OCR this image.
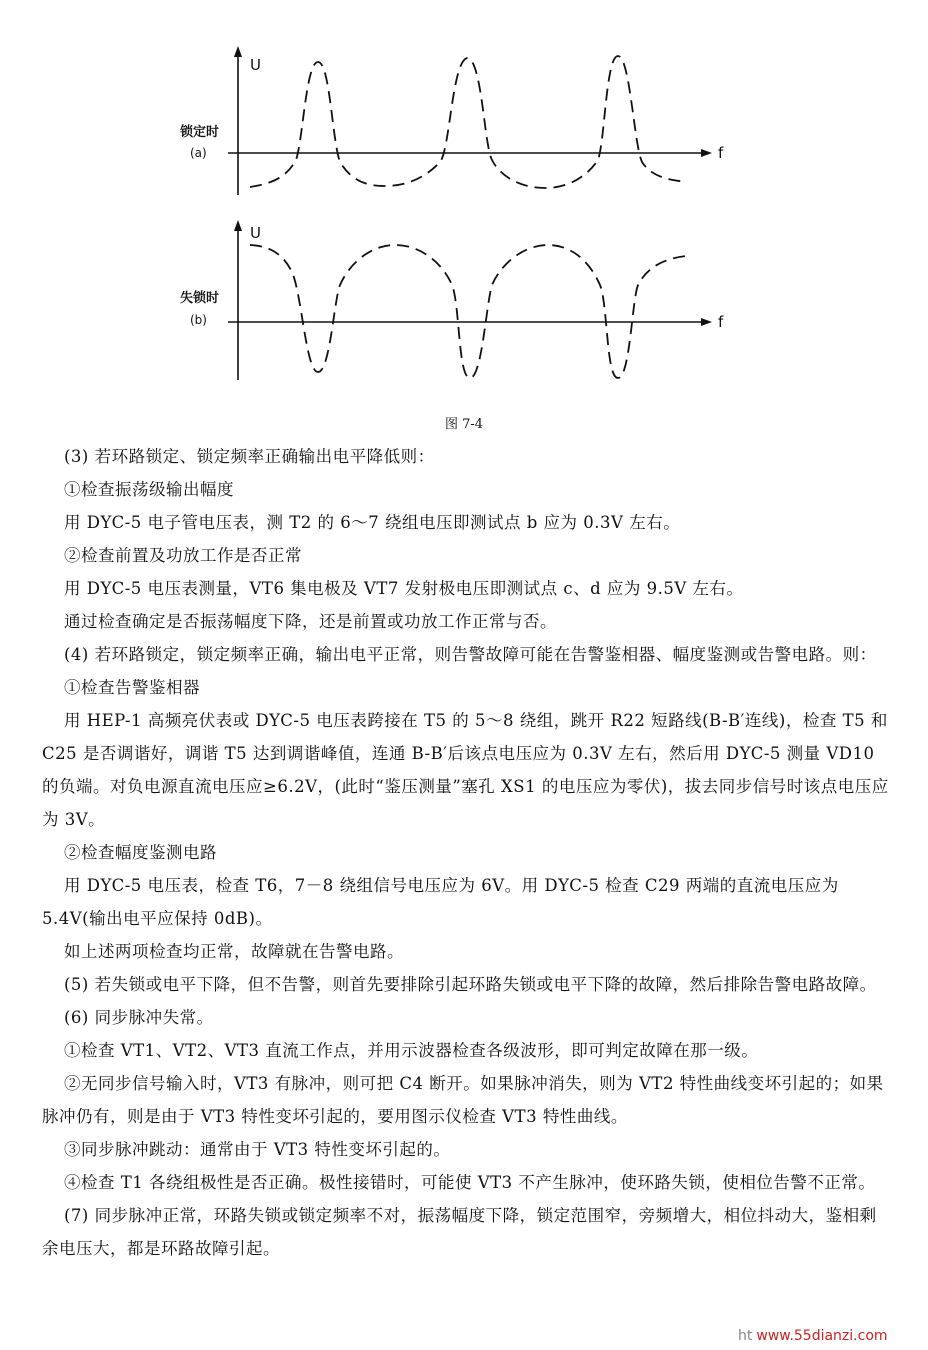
U
f
锁定时
(a)
U
f
失锁时
(b)
图 7-4

(3) 若环路锁定、锁定频率正确输出电平降低则：

①检查振荡级输出幅度

用 DYC-5 电子管电压表，测 T2 的 6～7 绕组电压即测试点 b 应为 0.3V 左右。

②检查前置及功放工作是否正常

用 DYC-5 电压表测量，VT6 集电极及 VT7 发射极电压即测试点 c、d 应为 9.5V 左右。

通过检查确定是否振荡幅度下降，还是前置或功放工作正常与否。

(4) 若环路锁定，锁定频率正确，输出电平正常，则告警故障可能在告警鉴相器、幅度鉴测或告警电路。则：

①检查告警鉴相器

用 HEP-1 高频亮伏表或 DYC-5 电压表跨接在 T5 的 5～8 绕组，跳开 R22 短路线(B-B′连线)，检查 T5 和 C25 是否调谐好，调谐 T5 达到调谐峰值，连通 B-B′后该点电压应为 0.3V 左右，然后用 DYC-5 测量 VD10 的负端。对负电源直流电压应≥6.2V，(此时“鉴压测量”塞孔 XS1 的电压应为零伏)，拔去同步信号时该点电压应为 3V。

②检查幅度鉴测电路

用 DYC-5 电压表，检查 T6，7－8 绕组信号电压应为 6V。用 DYC-5 检查 C29 两端的直流电压应为 5.4V(输出电平应保持 0dB)。

如上述两项检查均正常，故障就在告警电路。

(5) 若失锁或电平下降，但不告警，则首先要排除引起环路失锁或电平下降的故障，然后排除告警电路故障。

(6) 同步脉冲失常。

①检查 VT1、VT2、VT3 直流工作点，并用示波器检查各级波形，即可判定故障在那一级。

②无同步信号输入时，VT3 有脉冲，则可把 C4 断开。如果脉冲消失，则为 VT2 特性曲线变坏引起的；如果脉冲仍有，则是由于 VT3 特性变坏引起的，要用图示仪检查 VT3 特性曲线。

③同步脉冲跳动：通常由于 VT3 特性变坏引起的。

④检查 T1 各绕组极性是否正确。极性接错时，可能使 VT3 不产生脉冲，使环路失锁，使相位告警不正常。

(7) 同步脉冲正常，环路失锁或锁定频率不对，振荡幅度下降，锁定范围窄，旁频增大，相位抖动大，鉴相剩余电压大，都是环路故障引起。

ht www.55dianzi.com
